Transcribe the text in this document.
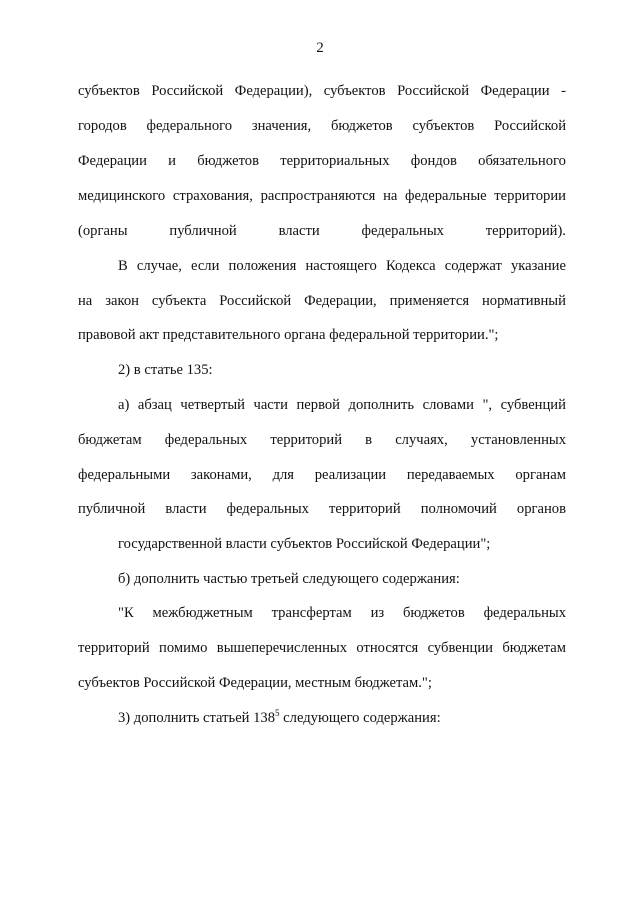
2
субъектов Российской Федерации), субъектов Российской Федерации -
городов федерального значения, бюджетов субъектов Российской
Федерации и бюджетов территориальных фондов обязательного
медицинского страхования, распространяются на федеральные территории
(органы	публичной	власти	федеральных	территорий).
В случае, если положения настоящего Кодекса содержат указание
на закон субъекта Российской Федерации, применяется нормативный
правовой акт представительного органа федеральной территории.";
2) в статье 135:
а) абзац четвертый части первой дополнить словами ", субвенций
бюджетам федеральных территорий в случаях, установленных
федеральными законами, для реализации передаваемых органам
публичной власти федеральных территорий полномочий органов
государственной власти субъектов Российской Федерации";
б) дополнить частью третьей следующего содержания:
"К межбюджетным трансфертам из бюджетов федеральных
территорий помимо вышеперечисленных относятся субвенции бюджетам
субъектов Российской Федерации, местным бюджетам.";
3) дополнить статьей $138^5$ следующего содержания:
